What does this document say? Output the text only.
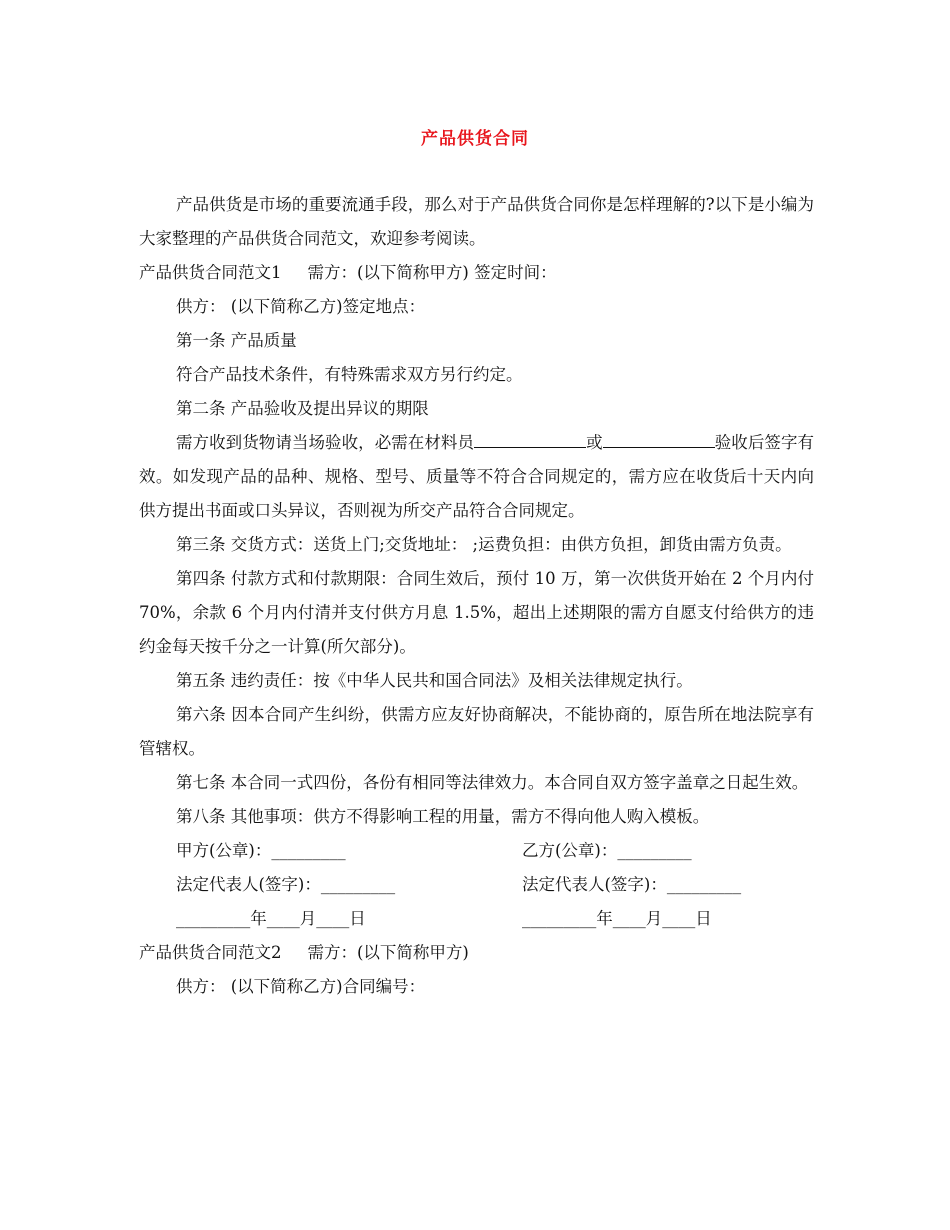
产品供货合同

产品供货是市场的重要流通手段，那么对于产品供货合同你是怎样理解的?以下是小编为大家整理的产品供货合同范文，欢迎参考阅读。

产品供货合同范文1 需方：(以下简称甲方) 签定时间：

供方： (以下简称乙方)签定地点：

第一条 产品质量

符合产品技术条件，有特殊需求双方另行约定。

第二条 产品验收及提出异议的期限

需方收到货物请当场验收，必需在材料员	或	验收后签字有效。如发现产品的品种、规格、型号、质量等不符合合同规定的，需方应在收货后十天内向供方提出书面或口头异议，否则视为所交产品符合合同规定。

第三条 交货方式：送货上门;交货地址： ;运费负担：由供方负担，卸货由需方负责。

第四条 付款方式和付款期限：合同生效后，预付 10 万，第一次供货开始在 2 个月内付 70%，余款 6 个月内付清并支付供方月息 1.5%，超出上述期限的需方自愿支付给供方的违约金每天按千分之一计算(所欠部分)。

第五条 违约责任：按《中华人民共和国合同法》及相关法律规定执行。

第六条 因本合同产生纠纷，供需方应友好协商解决，不能协商的，原告所在地法院享有管辖权。

第七条 本合同一式四份，各份有相同等法律效力。本合同自双方签字盖章之日起生效。

第八条 其他事项：供方不得影响工程的用量，需方不得向他人购入模板。

甲方(公章)：_________	乙方(公章)：_________
法定代表人(签字)：_________	法定代表人(签字)：_________
_________年____月____日	_________年____月____日

产品供货合同范文2 需方：(以下简称甲方)

供方： (以下简称乙方)合同编号：
